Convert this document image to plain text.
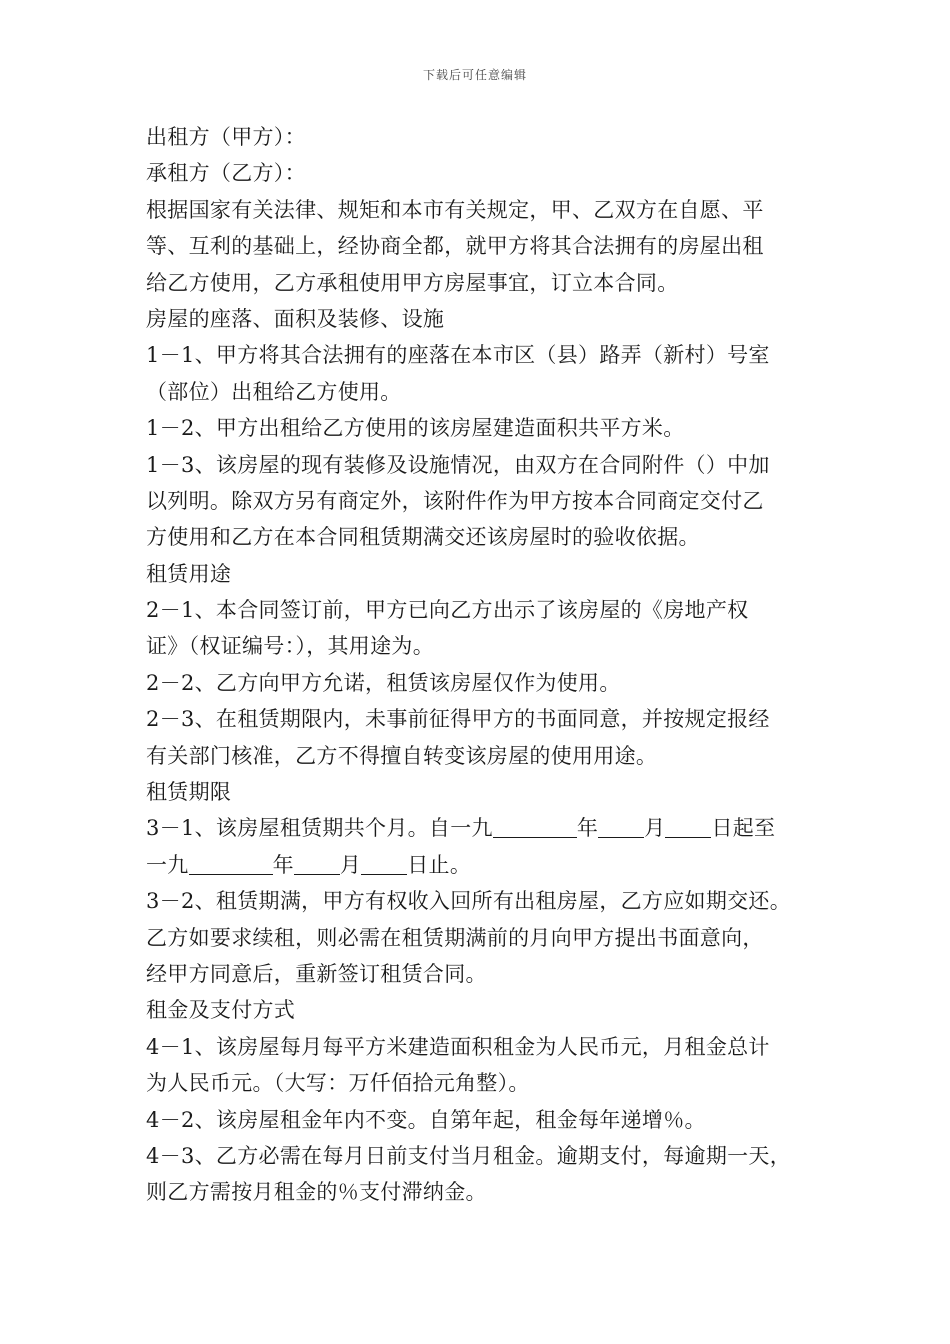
下载后可任意编辑
出租方（甲方）：
承租方（乙方）：
根据国家有关法律、规矩和本市有关规定，甲、乙双方在自愿、平
等、互利的基础上，经协商全都，就甲方将其合法拥有的房屋出租
给乙方使用，乙方承租使用甲方房屋事宜，订立本合同。
房屋的座落、面积及装修、设施
1－1、甲方将其合法拥有的座落在本市区（县）路弄（新村）号室
（部位）出租给乙方使用。
1－2、甲方出租给乙方使用的该房屋建造面积共平方米。
1－3、该房屋的现有装修及设施情况，由双方在合同附件（）中加
以列明。除双方另有商定外，该附件作为甲方按本合同商定交付乙
方使用和乙方在本合同租赁期满交还该房屋时的验收依据。
租赁用途
2－1、本合同签订前，甲方已向乙方出示了该房屋的《房地产权
证》（权证编号：），其用途为。
2－2、乙方向甲方允诺，租赁该房屋仅作为使用。
2－3、在租赁期限内，未事前征得甲方的书面同意，并按规定报经
有关部门核准，乙方不得擅自转变该房屋的使用用途。
租赁期限
3－1、该房屋租赁期共个月。自一九	年 月 日起至
一九	年 月 日止。
3－2、租赁期满，甲方有权收入回所有出租房屋，乙方应如期交还。
乙方如要求续租，则必需在租赁期满前的月向甲方提出书面意向，
经甲方同意后，重新签订租赁合同。
租金及支付方式
4－1、该房屋每月每平方米建造面积租金为人民币元，月租金总计
为人民币元。（大写：万仟佰拾元角整）。
4－2、该房屋租金年内不变。自第年起，租金每年递增％。
4－3、乙方必需在每月日前支付当月租金。逾期支付，每逾期一天，
则乙方需按月租金的％支付滞纳金。
